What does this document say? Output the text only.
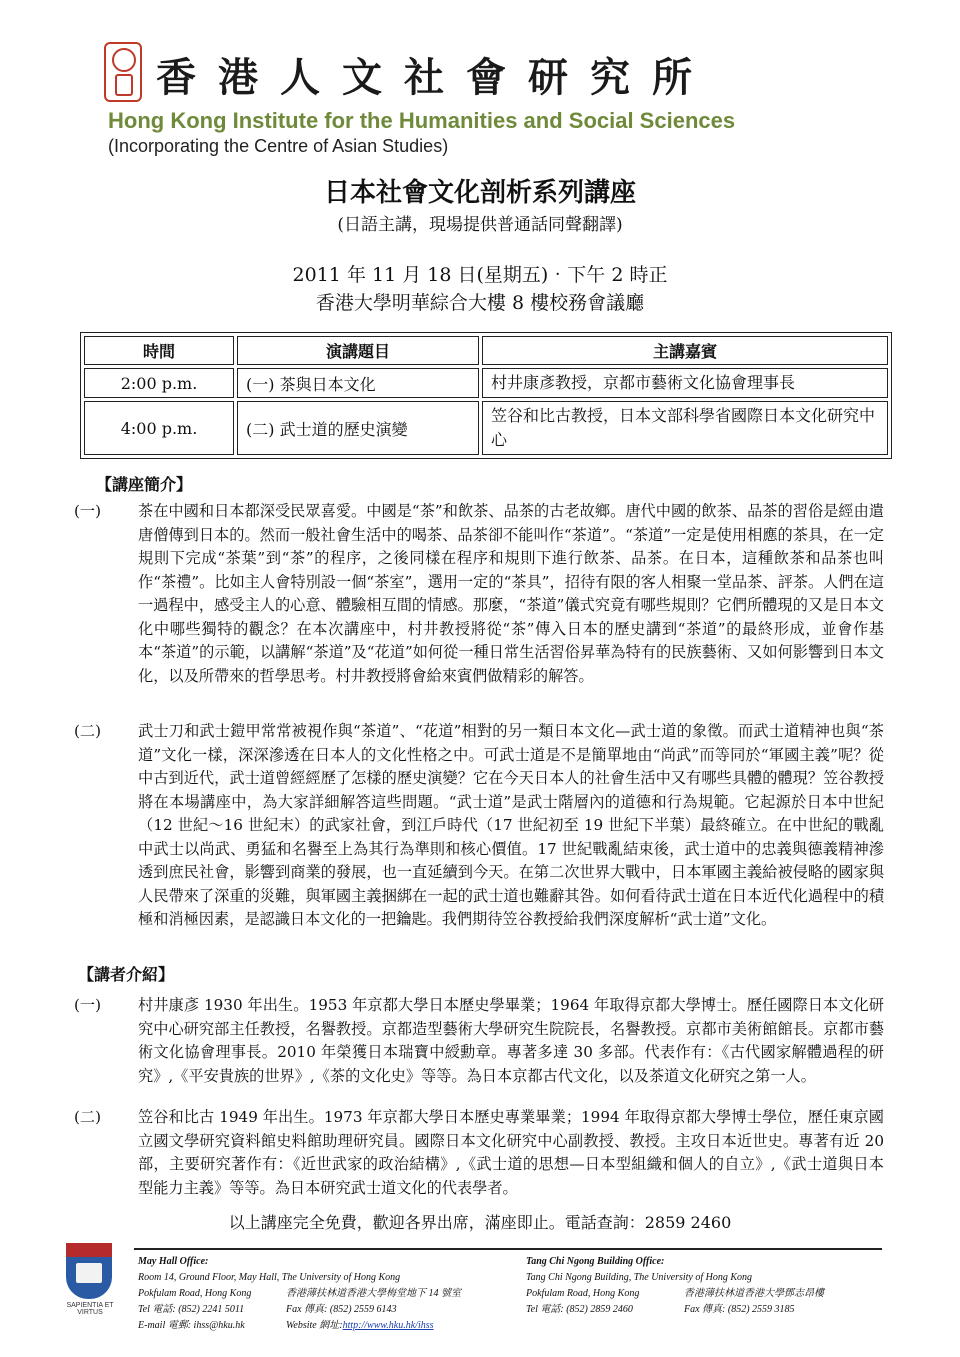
香港人文社會研究所
Hong Kong Institute for the Humanities and Social Sciences
(Incorporating the Centre of Asian Studies)
日本社會文化剖析系列講座
(日語主講，現場提供普通話同聲翻譯)
2011 年 11 月 18 日(星期五)‧下午 2 時正
香港大學明華綜合大樓 8 樓校務會議廳
時間	演講題目	主講嘉賓
2:00 p.m.	(一) 茶與日本文化	村井康彥教授，京都市藝術文化協會理事長
4:00 p.m.	(二) 武士道的歷史演變	笠谷和比古教授，日本文部科學省國際日本文化研究中心
【講座簡介】
(一)	茶在中國和日本都深受民眾喜愛。中國是“茶”和飲茶、品茶的古老故鄉。唐代中國的飲茶、品茶的習俗是經由遣唐僧傳到日本的。然而一般社會生活中的喝茶、品茶卻不能叫作“茶道”。“茶道”一定是使用相應的茶具，在一定規則下完成“茶葉”到“茶”的程序，之後同樣在程序和規則下進行飲茶、品茶。在日本，這種飲茶和品茶也叫作“茶禮”。比如主人會特別設一個“茶室”，選用一定的“茶具”，招待有限的客人相聚一堂品茶、評茶。人們在這一過程中，感受主人的心意、體驗相互間的情感。那麼，“茶道”儀式究竟有哪些規則？它們所體現的又是日本文化中哪些獨特的觀念？在本次講座中，村井教授將從“茶”傳入日本的歷史講到“茶道”的最終形成，並會作基本“茶道”的示範，以講解“茶道”及“花道”如何從一種日常生活習俗昇華為特有的民族藝術、又如何影響到日本文化，以及所帶來的哲學思考。村井教授將會給來賓們做精彩的解答。
(二)	武士刀和武士鎧甲常常被視作與“茶道”、“花道”相對的另一類日本文化—武士道的象徵。而武士道精神也與“茶道”文化一樣，深深滲透在日本人的文化性格之中。可武士道是不是簡單地由“尚武”而等同於“軍國主義”呢？從中古到近代，武士道曾經經歷了怎樣的歷史演變？它在今天日本人的社會生活中又有哪些具體的體現？笠谷教授將在本場講座中，為大家詳細解答這些問題。“武士道”是武士階層內的道德和行為規範。它起源於日本中世紀（12 世紀～16 世紀末）的武家社會，到江戶時代（17 世紀初至 19 世紀下半葉）最終確立。在中世紀的戰亂中武士以尚武、勇猛和名譽至上為其行為準則和核心價值。17 世紀戰亂結束後，武士道中的忠義與德義精神滲透到庶民社會，影響到商業的發展，也一直延續到今天。在第二次世界大戰中，日本軍國主義給被侵略的國家與人民帶來了深重的災難，與軍國主義捆綁在一起的武士道也難辭其咎。如何看待武士道在日本近代化過程中的積極和消極因素，是認識日本文化的一把鑰匙。我們期待笠谷教授給我們深度解析“武士道”文化。
【講者介紹】
(一)	村井康彥 1930 年出生。1953 年京都大學日本歷史學畢業；1964 年取得京都大學博士。歷任國際日本文化研究中心研究部主任教授，名譽教授。京都造型藝術大學研究生院院長，名譽教授。京都市美術館館長。京都市藝術文化協會理事長。2010 年榮獲日本瑞寶中綬勳章。專著多達 30 多部。代表作有：《古代國家解體過程的研究》,《平安貴族的世界》,《茶的文化史》等等。為日本京都古代文化，以及茶道文化研究之第一人。
(二)	笠谷和比古 1949 年出生。1973 年京都大學日本歷史專業畢業；1994 年取得京都大學博士學位，歷任東京國立國文學研究資料館史料館助理研究員。國際日本文化研究中心副教授、教授。主攻日本近世史。專著有近 20 部，主要研究著作有：《近世武家的政治結構》,《武士道的思想—日本型組織和個人的自立》,《武士道與日本型能力主義》等等。為日本研究武士道文化的代表學者。
以上講座完全免費，歡迎各界出席，滿座即止。電話查詢：2859 2460
SAPIENTIA ET VIRTUS
May Hall Office:
Room 14, Ground Floor, May Hall, The University of Hong Kong
Pokfulam Road, Hong Kong	香港薄扶林道香港大學梅堂地下 14 號室
Tel 電話: (852) 2241 5011	Fax 傳真: (852) 2559 6143
E-mail 電郵: ihss@hku.hk	Website 網址:http://www.hku.hk/ihss
Tang Chi Ngong Building Office:
Tang Chi Ngong Building, The University of Hong Kong
Pokfulam Road, Hong Kong	香港薄扶林道香港大學鄧志昂樓
Tel 電話: (852) 2859 2460	Fax 傳真: (852) 2559 3185
